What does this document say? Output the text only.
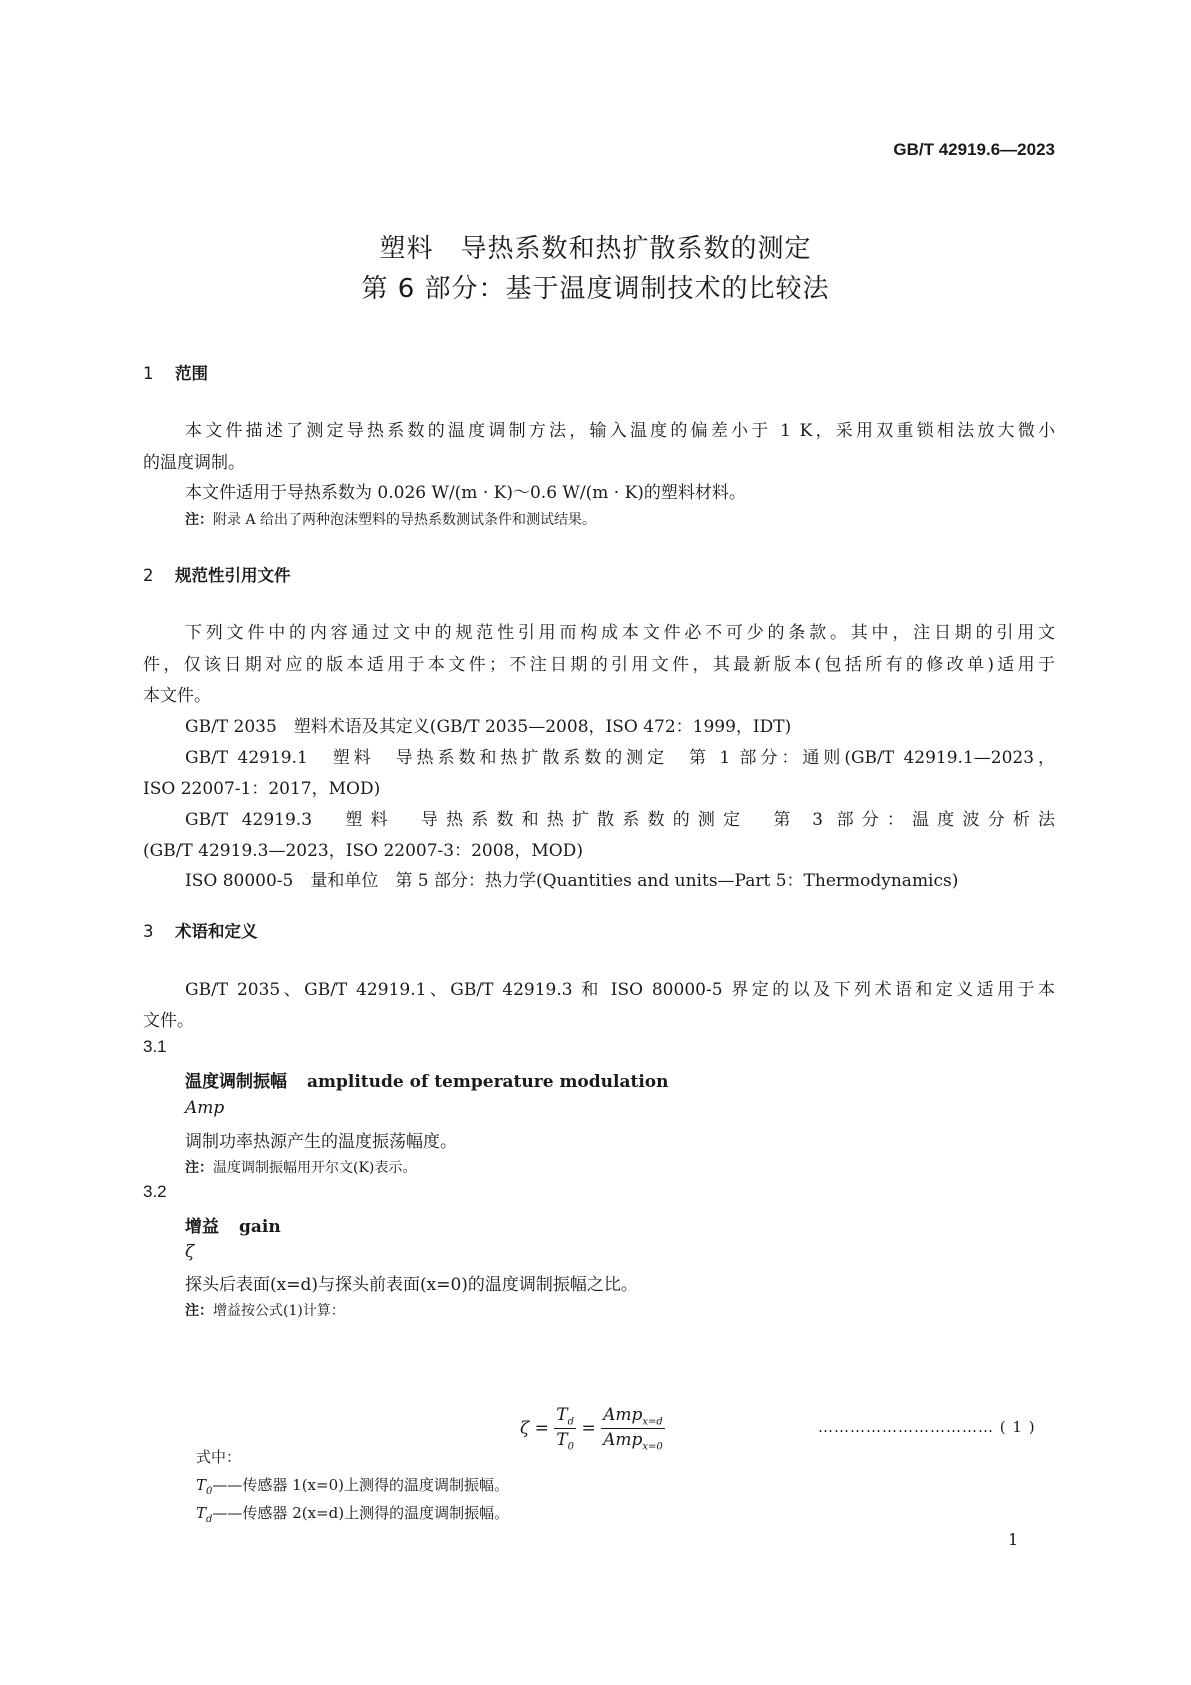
GB/T 42919.6—2023
塑料　导热系数和热扩散系数的测定
第 6 部分：基于温度调制技术的比较法
1 范围
本文件描述了测定导热系数的温度调制方法，输入温度的偏差小于 1 K，采用双重锁相法放大微小
的温度调制。
本文件适用于导热系数为 0.026 W/(m · K)～0.6 W/(m · K)的塑料材料。
注：附录 A 给出了两种泡沫塑料的导热系数测试条件和测试结果。
2 规范性引用文件
下列文件中的内容通过文中的规范性引用而构成本文件必不可少的条款。其中，注日期的引用文
件，仅该日期对应的版本适用于本文件；不注日期的引用文件，其最新版本(包括所有的修改单)适用于
本文件。
GB/T 2035　塑料术语及其定义(GB/T 2035—2008，ISO 472：1999，IDT)
GB/T 42919.1　塑料　导热系数和热扩散系数的测定　第 1 部分：通则(GB/T 42919.1—2023，
ISO 22007-1：2017，MOD)
GB/T 42919.3　塑料　导热系数和热扩散系数的测定　第 3 部分：温度波分析法
(GB/T 42919.3—2023，ISO 22007-3：2008，MOD)
ISO 80000-5　量和单位　第 5 部分：热力学(Quantities and units—Part 5：Thermodynamics)
3 术语和定义
GB/T 2035、GB/T 42919.1、GB/T 42919.3 和 ISO 80000-5 界定的以及下列术语和定义适用于本
文件。
3.1
温度调制振幅 amplitude of temperature modulation
Amp
调制功率热源产生的温度振荡幅度。
注：温度调制振幅用开尔文(K)表示。
3.2
增益 gain
ζ
探头后表面(x=d)与探头前表面(x=0)的温度调制振幅之比。
注：增益按公式(1)计算：
$\zeta = \frac{T_d}{T_0} = \frac{Amp_{x=d}}{Amp_{x=0}}$	…………………………… ( 1 )
式中：
$T_0——$传感器 1(x=0)上测得的温度调制振幅。
$T_d——$传感器 2(x=d)上测得的温度调制振幅。
1
